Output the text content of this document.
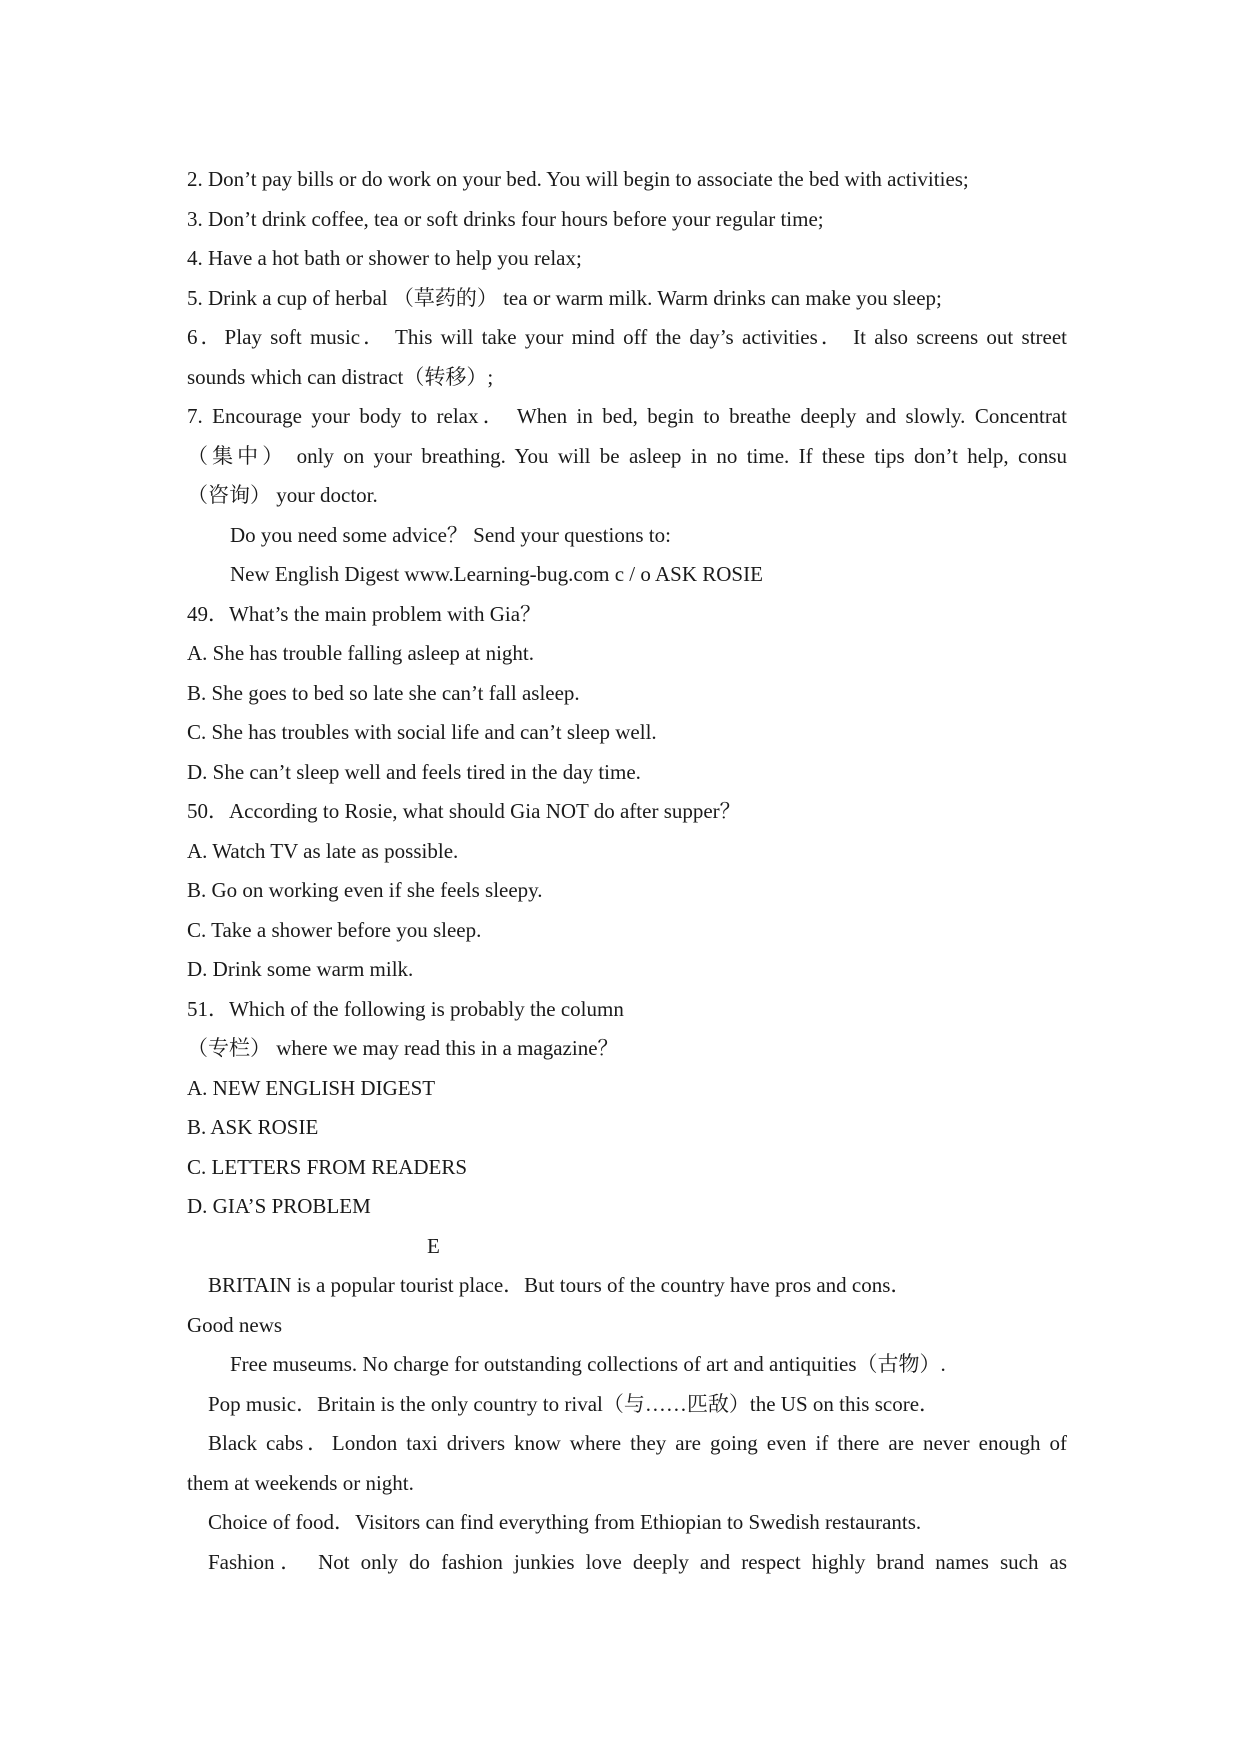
2. Don’t pay bills or do work on your bed. You will begin to associate the bed with activities;
3. Don’t drink coffee, tea or soft drinks four hours before your regular time;
4. Have a hot bath or shower to help you relax;
5. Drink a cup of herbal （草药的） tea or warm milk. Warm drinks can make you sleep;
6．Play soft music． This will take your mind off the day’s activities． It also screens out street
sounds which can distract（转移）;
7. Encourage your body to relax． When in bed, begin to breathe deeply and slowly. Concentrat
（集中） only on your breathing. You will be asleep in no time. If these tips don’t help, consu
（咨询） your doctor.
Do you need some advice？ Send your questions to:
New English Digest www.Learning-bug.com c / o ASK ROSIE
49．What’s the main problem with Gia？
A. She has trouble falling asleep at night.
B. She goes to bed so late she can’t fall asleep.
C. She has troubles with social life and can’t sleep well.
D. She can’t sleep well and feels tired in the day time.
50．According to Rosie, what should Gia NOT do after supper？
A. Watch TV as late as possible.
B. Go on working even if she feels sleepy.
C. Take a shower before you sleep.
D. Drink some warm milk.
51．Which of the following is probably the column
（专栏） where we may read this in a magazine？
A. NEW ENGLISH DIGEST
B. ASK ROSIE
C. LETTERS FROM READERS
D. GIA’S PROBLEM
E
BRITAIN is a popular tourist place．But tours of the country have pros and cons．
Good news
Free museums. No charge for outstanding collections of art and antiquities（古物）.
Pop music．Britain is the only country to rival（与……匹敌）the US on this score．
Black cabs．London taxi drivers know where they are going even if there are never enough of
them at weekends or night.
Choice of food．Visitors can find everything from Ethiopian to Swedish restaurants.
Fashion． Not only do fashion junkies love deeply and respect highly brand names such as
